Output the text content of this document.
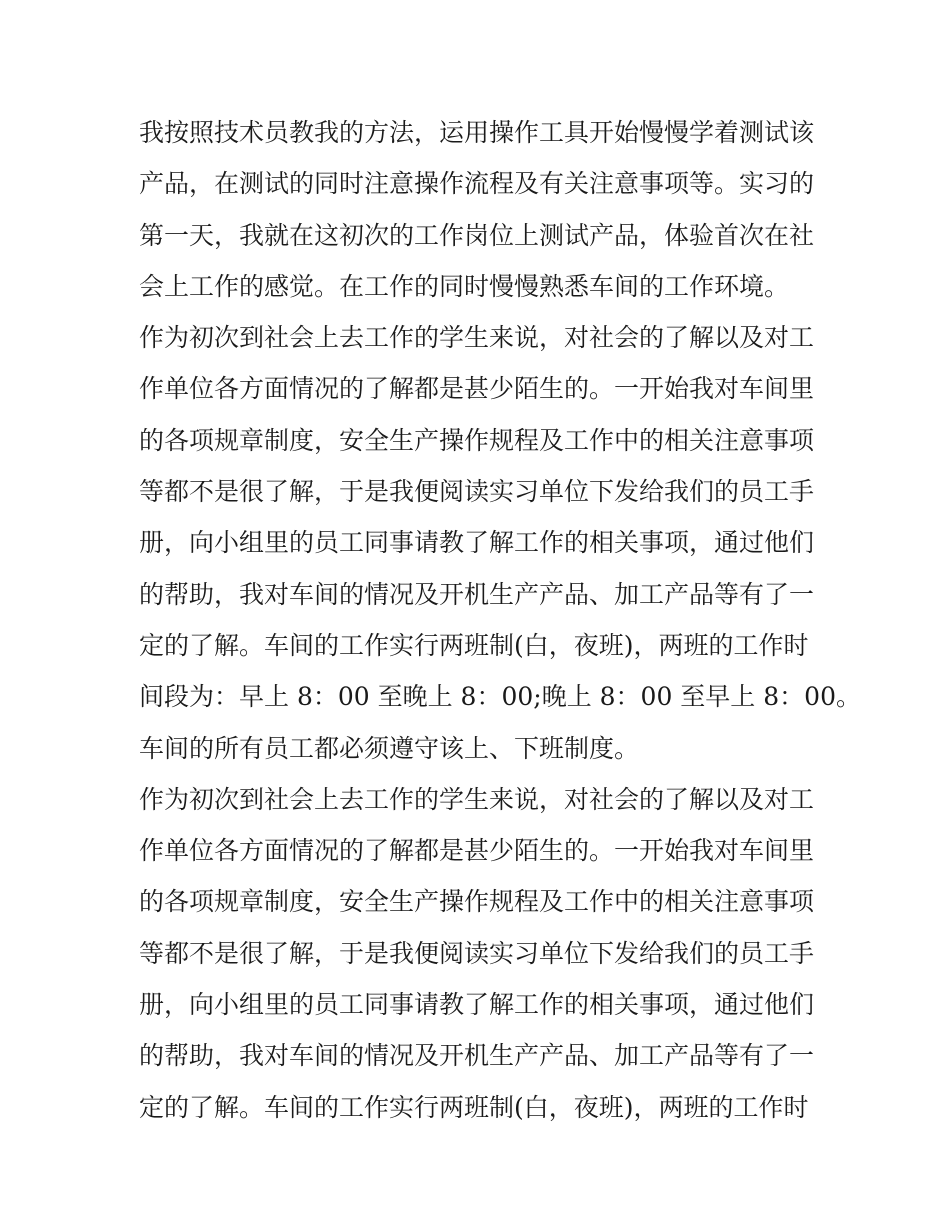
我按照技术员教我的方法，运用操作工具开始慢慢学着测试该
产品，在测试的同时注意操作流程及有关注意事项等。实习的
第一天，我就在这初次的工作岗位上测试产品，体验首次在社
会上工作的感觉。在工作的同时慢慢熟悉车间的工作环境。
作为初次到社会上去工作的学生来说，对社会的了解以及对工
作单位各方面情况的了解都是甚少陌生的。一开始我对车间里
的各项规章制度，安全生产操作规程及工作中的相关注意事项
等都不是很了解，于是我便阅读实习单位下发给我们的员工手
册，向小组里的员工同事请教了解工作的相关事项，通过他们
的帮助，我对车间的情况及开机生产产品、加工产品等有了一
定的了解。车间的工作实行两班制(白，夜班)，两班的工作时
间段为：早上 8：00 至晚上 8：00;晚上 8：00 至早上 8：00。
车间的所有员工都必须遵守该上、下班制度。
作为初次到社会上去工作的学生来说，对社会的了解以及对工
作单位各方面情况的了解都是甚少陌生的。一开始我对车间里
的各项规章制度，安全生产操作规程及工作中的相关注意事项
等都不是很了解，于是我便阅读实习单位下发给我们的员工手
册，向小组里的员工同事请教了解工作的相关事项，通过他们
的帮助，我对车间的情况及开机生产产品、加工产品等有了一
定的了解。车间的工作实行两班制(白，夜班)，两班的工作时
